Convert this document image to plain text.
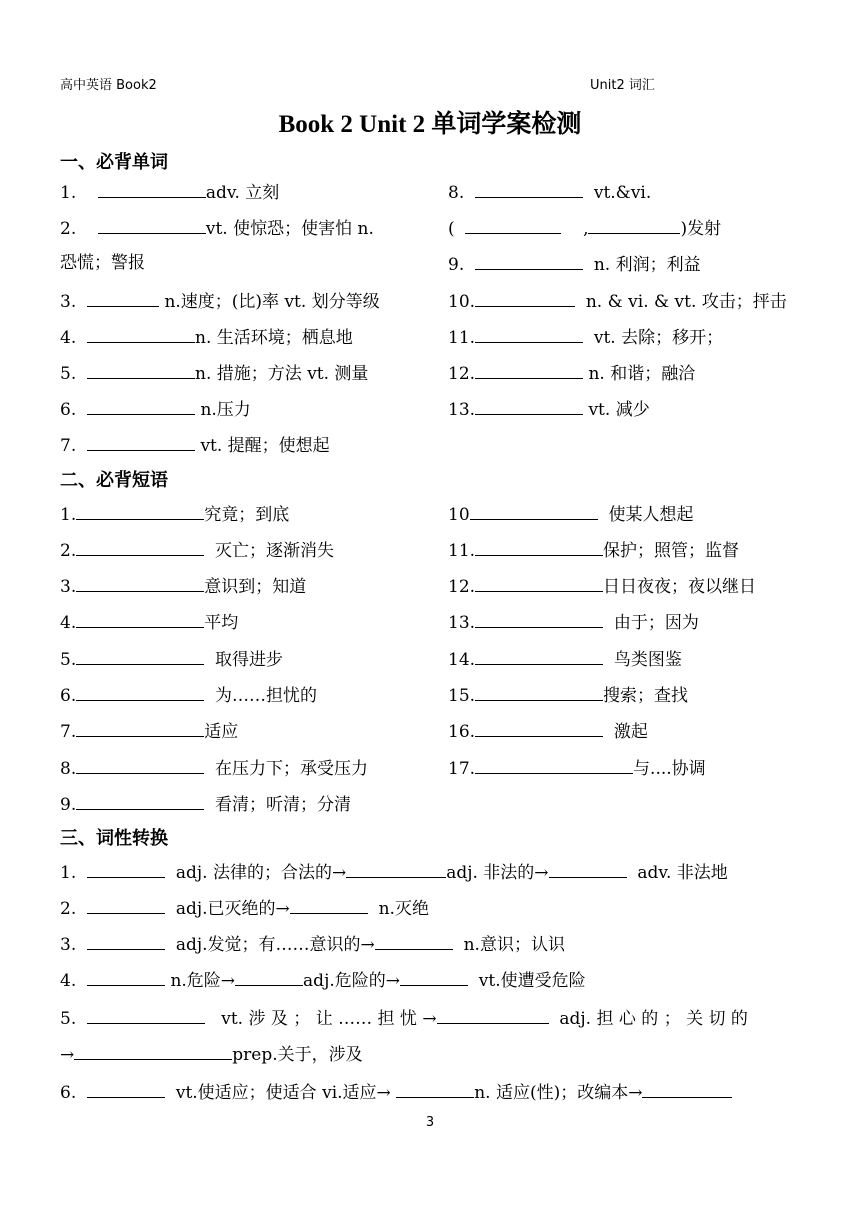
高中英语 Book2	Unit2 词汇
Book 2 Unit 2 单词学案检测
一、必背单词
1.	adv. 立刻
2.	vt. 使惊恐；使害怕 n.
恐慌；警报
3.	n.速度；(比)率 vt. 划分等级
4.	n. 生活环境；栖息地
5.	n. 措施；方法 vt. 测量
6.	n.压力
7.	vt. 提醒；使想起
8.	vt.&vi.
(	,	)发射
9.	n. 利润；利益
10.	n. & vi. & vt. 攻击；抨击
11.	vt. 去除；移开；
12.	n. 和谐；融洽
13.	vt. 减少
二、必背短语
1.	究竟；到底
2.	灭亡；逐渐消失
3.	意识到；知道
4.	平均
5.	取得进步
6.	为……担忧的
7.	适应
8.	在压力下；承受压力
9.	看清；听清；分清
10	使某人想起
11.	保护；照管；监督
12.	日日夜夜；夜以继日
13.	由于；因为
14.	鸟类图鉴
15.	搜索；查找
16.	激起
17.	与....协调
三、词性转换
1.	adj. 法律的；合法的→	adj. 非法的→	adv. 非法地
2.	adj.已灭绝的→	n.灭绝
3.	adj.发觉；有……意识的→	n.意识；认识
4.	n.危险→	adj.危险的→	vt.使遭受危险
5.	vt. 涉 及 ； 让 …… 担 忧 →	adj. 担 心 的 ； 关 切 的
→	prep.关于，涉及
6.	vt.使适应；使适合 vi.适应→	n. 适应(性)；改编本→
3
